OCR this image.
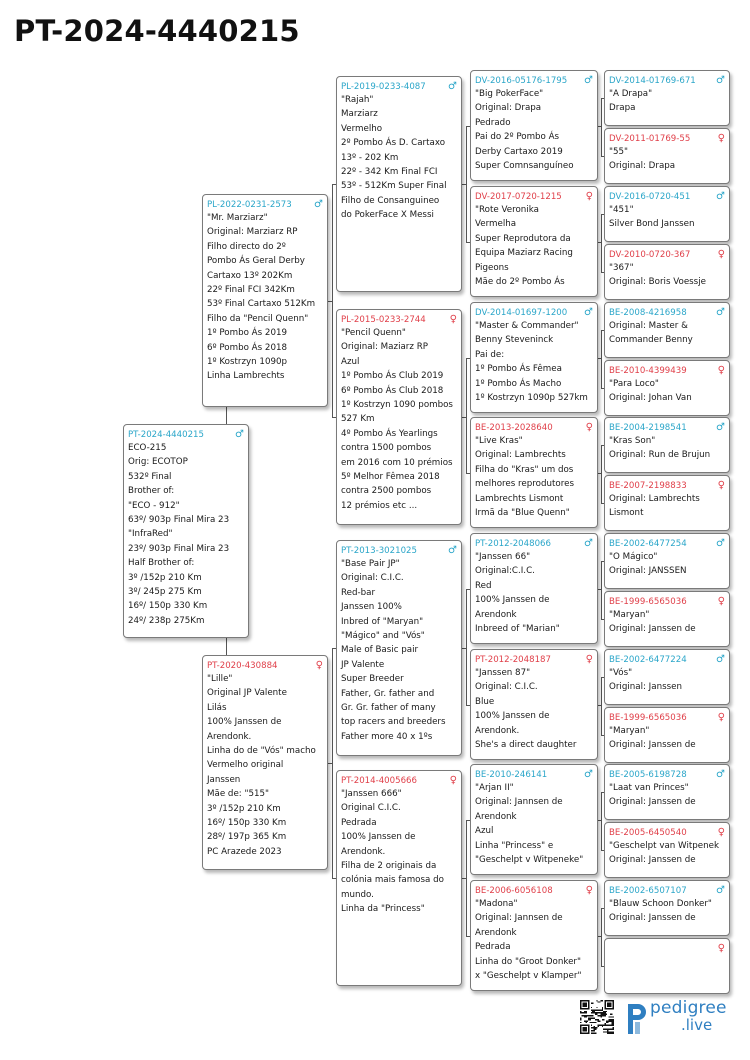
PT-2024-4440215
PT-2024-4440215	♂
ECO-215
Orig: ECOTOP
532º Final
Brother of:
"ECO - 912"
63º/ 903p Final Mira 23
"InfraRed"
23º/ 903p Final Mira 23
Half Brother of:
3º /152p 210 Km
3º/ 245p 275 Km
16º/ 150p 330 Km
24º/ 238p 275Km
PL-2022-0231-2573 ♂
"Mr. Marziarz"
Original: Marziarz RP
Filho directo do 2º
Pombo Ás Geral Derby
Cartaxo 13º 202Km
22º Final FCI 342Km
53º Final Cartaxo 512Km
Filho da "Pencil Quenn"
1º Pombo Ás 2019
6º Pombo Ás 2018
1º Kostrzyn 1090p
Linha Lambrechts
PT-2020-430884	♀
"Lille"
Original JP Valente
Lilás
100% Janssen de
Arendonk.
Linha do de "Vós" macho
Vermelho original
Janssen
Mãe de: "515"
3º /152p 210 Km
16º/ 150p 330 Km
28º/ 197p 365 Km
PC Arazede 2023
PL-2019-0233-4087 ♂
"Rajah"
Marziarz
Vermelho
2º Pombo Ás D. Cartaxo
13º - 202 Km
22º - 342 Km Final FCI
53º - 512Km Super Final
Filho de Consanguineo
do PokerFace X Messi
PL-2015-0233-2744 ♀
"Pencil Quenn"
Original: Maziarz RP
Azul
1º Pombo Ás Club 2019
6º Pombo Ás Club 2018
1º Kostrzyn 1090 pombos
527 Km
4º Pombo Ás Yearlings
contra 1500 pombos
em 2016 com 10 prémios
5º Melhor Fêmea 2018
contra 2500 pombos
12 prémios etc ...
PT-2013-3021025	♂
"Base Pair JP"
Original: C.I.C.
Red-bar
Janssen 100%
Inbred of "Maryan"
"Mágico" and "Vós"
Male of Basic pair
JP Valente
Super Breeder
Father, Gr. father and
Gr. Gr. father of many
top racers and breeders
Father more 40 x 1ºs
PT-2014-4005666	♀
"Janssen 666"
Original C.I.C.
Pedrada
100% Janssen de
Arendonk.
Filha de 2 originais da
colónia mais famosa do
mundo.
Linha da "Princess"
DV-2016-05176-1795 ♂
"Big PokerFace"
Original: Drapa
Pedrado
Pai do 2º Pombo Ás
Derby Cartaxo 2019
Super Comnsanguíneo
DV-2017-0720-1215 ♀
"Rote Veronika
Vermelha
Super Reprodutora da
Equipa Maziarz Racing
Pigeons
Mãe do 2º Pombo Ás
DV-2014-01697-1200 ♂
"Master & Commander"
Benny Steveninck
Pai de:
1º Pombo Ás Fêmea
1º Pombo Ás Macho
1º Kostrzyn 1090p 527km
BE-2013-2028640	♀
"Live Kras"
Original: Lambrechts
Filha do "Kras" um dos
melhores reprodutores
Lambrechts Lismont
Irmã da "Blue Quenn"
PT-2012-2048066	♂
"Janssen 66"
Original:C.I.C.
Red
100% Janssen de
Arendonk
Inbreed of "Marian"
PT-2012-2048187	♀
"Janssen 87"
Original: C.I.C.
Blue
100% Janssen de
Arendonk.
She's a direct daughter
BE-2010-246141	♂
"Arjan II"
Original: Jannsen de
Arendonk
Azul
Linha "Princess" e
"Geschelpt v Witpeneke"
BE-2006-6056108	♀
"Madona"
Original: Jannsen de
Arendonk
Pedrada
Linha do "Groot Donker"
x "Geschelpt v Klamper"
DV-2014-01769-671 ♂
"A Drapa"
Drapa
DV-2011-01769-55	♀
"55"
Original: Drapa
DV-2016-0720-451	♂
"451"
Silver Bond Janssen
DV-2010-0720-367	♀
"367"
Original: Boris Voessje
BE-2008-4216958	♂
Original: Master &
Commander Benny
BE-2010-4399439	♀
"Para Loco"
Original: Johan Van
BE-2004-2198541	♂
"Kras Son"
Original: Run de Brujun
BE-2007-2198833	♀
Original: Lambrechts
Lismont
BE-2002-6477254	♂
"O Mágico"
Original: JANSSEN
BE-1999-6565036	♀
"Maryan"
Original: Janssen de
BE-2002-6477224	♂
"Vós"
Original: Janssen
BE-1999-6565036	♀
"Maryan"
Original: Janssen de
BE-2005-6198728	♂
"Laat van Princes"
Original: Janssen de
BE-2005-6450540	♀
"Geschelpt van Witpenek
Original: Janssen de
BE-2002-6507107	♂
"Blauw Schoon Donker"
Original: Janssen de
♀
pedigree
.live
